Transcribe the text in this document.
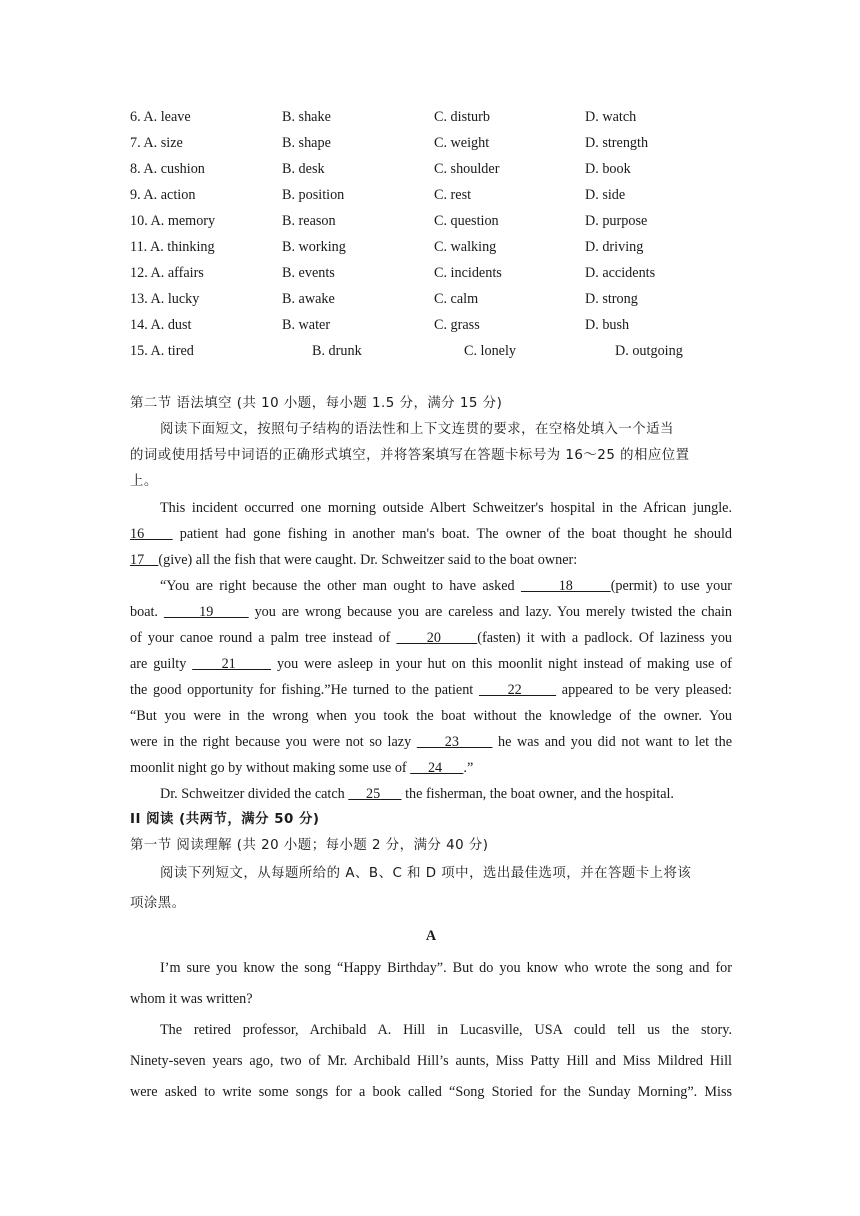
6. A. leave	B. shake	C. disturb	D. watch
7. A. size	B. shape	C. weight	D. strength
8. A. cushion	B. desk	C. shoulder	D. book
9. A. action	B. position	C. rest	D. side
10. A. memory	B. reason	C. question	D. purpose
11. A. thinking	B. working	C. walking	D. driving
12. A. affairs	B. events	C. incidents	D. accidents
13. A. lucky	B. awake	C. calm	D. strong
14. A. dust	B. water	C. grass	D. bush
15. A. tired	B. drunk	C. lonely	D. outgoing
第二节 语法填空 (共 10 小题，每小题 1.5 分，满分 15 分)
阅读下面短文，按照句子结构的语法性和上下文连贯的要求，在空格处填入一个适当
的词或使用括号中词语的正确形式填空，并将答案填写在答题卡标号为 16～25 的相应位置
上。
This incident occurred one morning outside Albert Schweitzer's hospital in the African jungle.
16     patient had gone fishing in another man's boat. The owner of the boat thought he should
17    (give) all the fish that were caught. Dr. Schweitzer said to the boat owner:
“You are right because the other man ought to have asked       18      (permit) to use your
boat.       19       you are wrong because you are careless and lazy. You merely twisted the chain
of your canoe round a palm tree instead of      20      (fasten) it with a padlock. Of laziness you
are guilty      21       you were asleep in your hut on this moonlit night instead of making use of
the good opportunity for fishing.”He turned to the patient      22       appeared to be very pleased:
“But you were in the wrong when you took the boat without the knowledge of the owner. You
were in the right because you were not so lazy      23       he was and you did not want to let the
moonlit night go by without making some use of      24      .”
Dr. Schweitzer divided the catch      25       the fisherman, the boat owner, and the hospital.
II 阅读 (共两节，满分 50 分)
第一节 阅读理解 (共 20 小题；每小题 2 分，满分 40 分)
阅读下列短文，从每题所给的 A、B、C 和 D 项中，选出最佳选项，并在答题卡上将该
项涂黑。
A

I’m sure you know the song “Happy Birthday”. But do you know who wrote the song and for

whom it was written?

The retired professor, Archibald A. Hill in Lucasville, USA could tell us the story.

Ninety-seven years ago, two of Mr. Archibald Hill’s aunts, Miss Patty Hill and Miss Mildred Hill

were asked to write some songs for a book called “Song Storied for the Sunday Morning”. Miss
